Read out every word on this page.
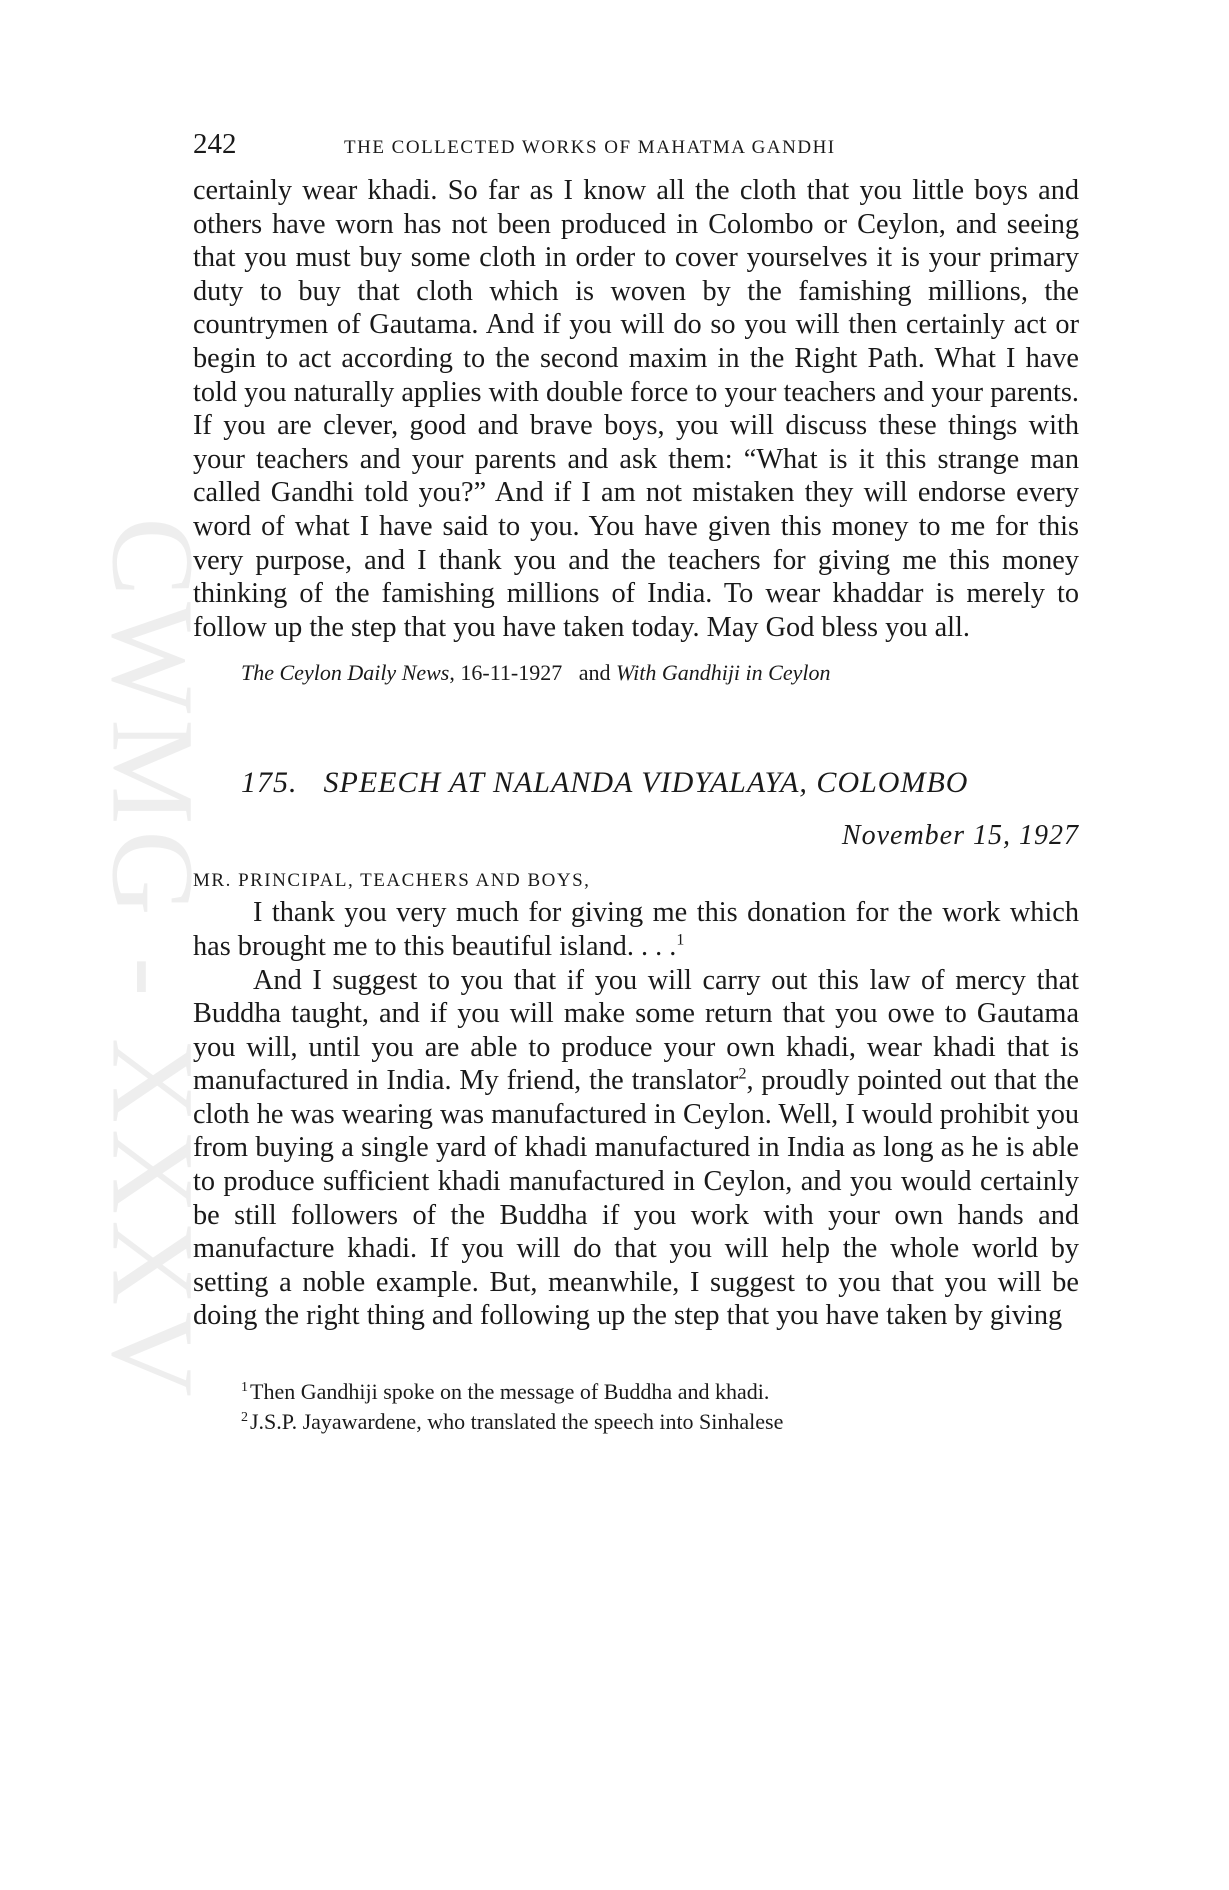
CWMG - XXXV
242	THE COLLECTED WORKS OF MAHATMA GANDHI

certainly wear khadi. So far as I know all the cloth that you little boys and others have worn has not been produced in Colombo or Ceylon, and seeing that you must buy some cloth in order to cover yourselves it is your primary duty to buy that cloth which is woven by the famishing millions, the countrymen of Gautama. And if you will do so you will then certainly act or begin to act according to the second maxim in the Right Path. What I have told you naturally applies with double force to your teachers and your parents. If you are clever, good and brave boys, you will discuss these things with your teachers and your parents and ask them: “What is it this strange man called Gandhi told you?” And if I am not mistaken they will endorse every word of what I have said to you. You have given this money to me for this very purpose, and I thank you and the teachers for giving me this money thinking of the famishing millions of India. To wear khaddar is merely to follow up the step that you have taken today. May God bless you all.

The Ceylon Daily News, 16-11-1927 and With Gandhiji in Ceylon
175. SPEECH AT NALANDA VIDYALAYA, COLOMBO
November 15, 1927
MR. PRINCIPAL, TEACHERS AND BOYS,

I thank you very much for giving me this donation for the work which has brought me to this beautiful island. . . .$^1$

And I suggest to you that if you will carry out this law of mercy that Buddha taught, and if you will make some return that you owe to Gautama you will, until you are able to produce your own khadi, wear khadi that is manufactured in India. My friend, the translator$^2$, proudly pointed out that the cloth he was wearing was manufactured in Ceylon. Well, I would prohibit you from buying a single yard of khadi manufactured in India as long as he is able to produce sufficient khadi manufactured in Ceylon, and you would certainly be still followers of the Buddha if you work with your own hands and manufacture khadi. If you will do that you will help the whole world by setting a noble example. But, meanwhile, I suggest to you that you will be doing the right thing and following up the step that you have taken by giving

$^1$Then Gandhiji spoke on the message of Buddha and khadi.
$^2$J.S.P. Jayawardene, who translated the speech into Sinhalese
